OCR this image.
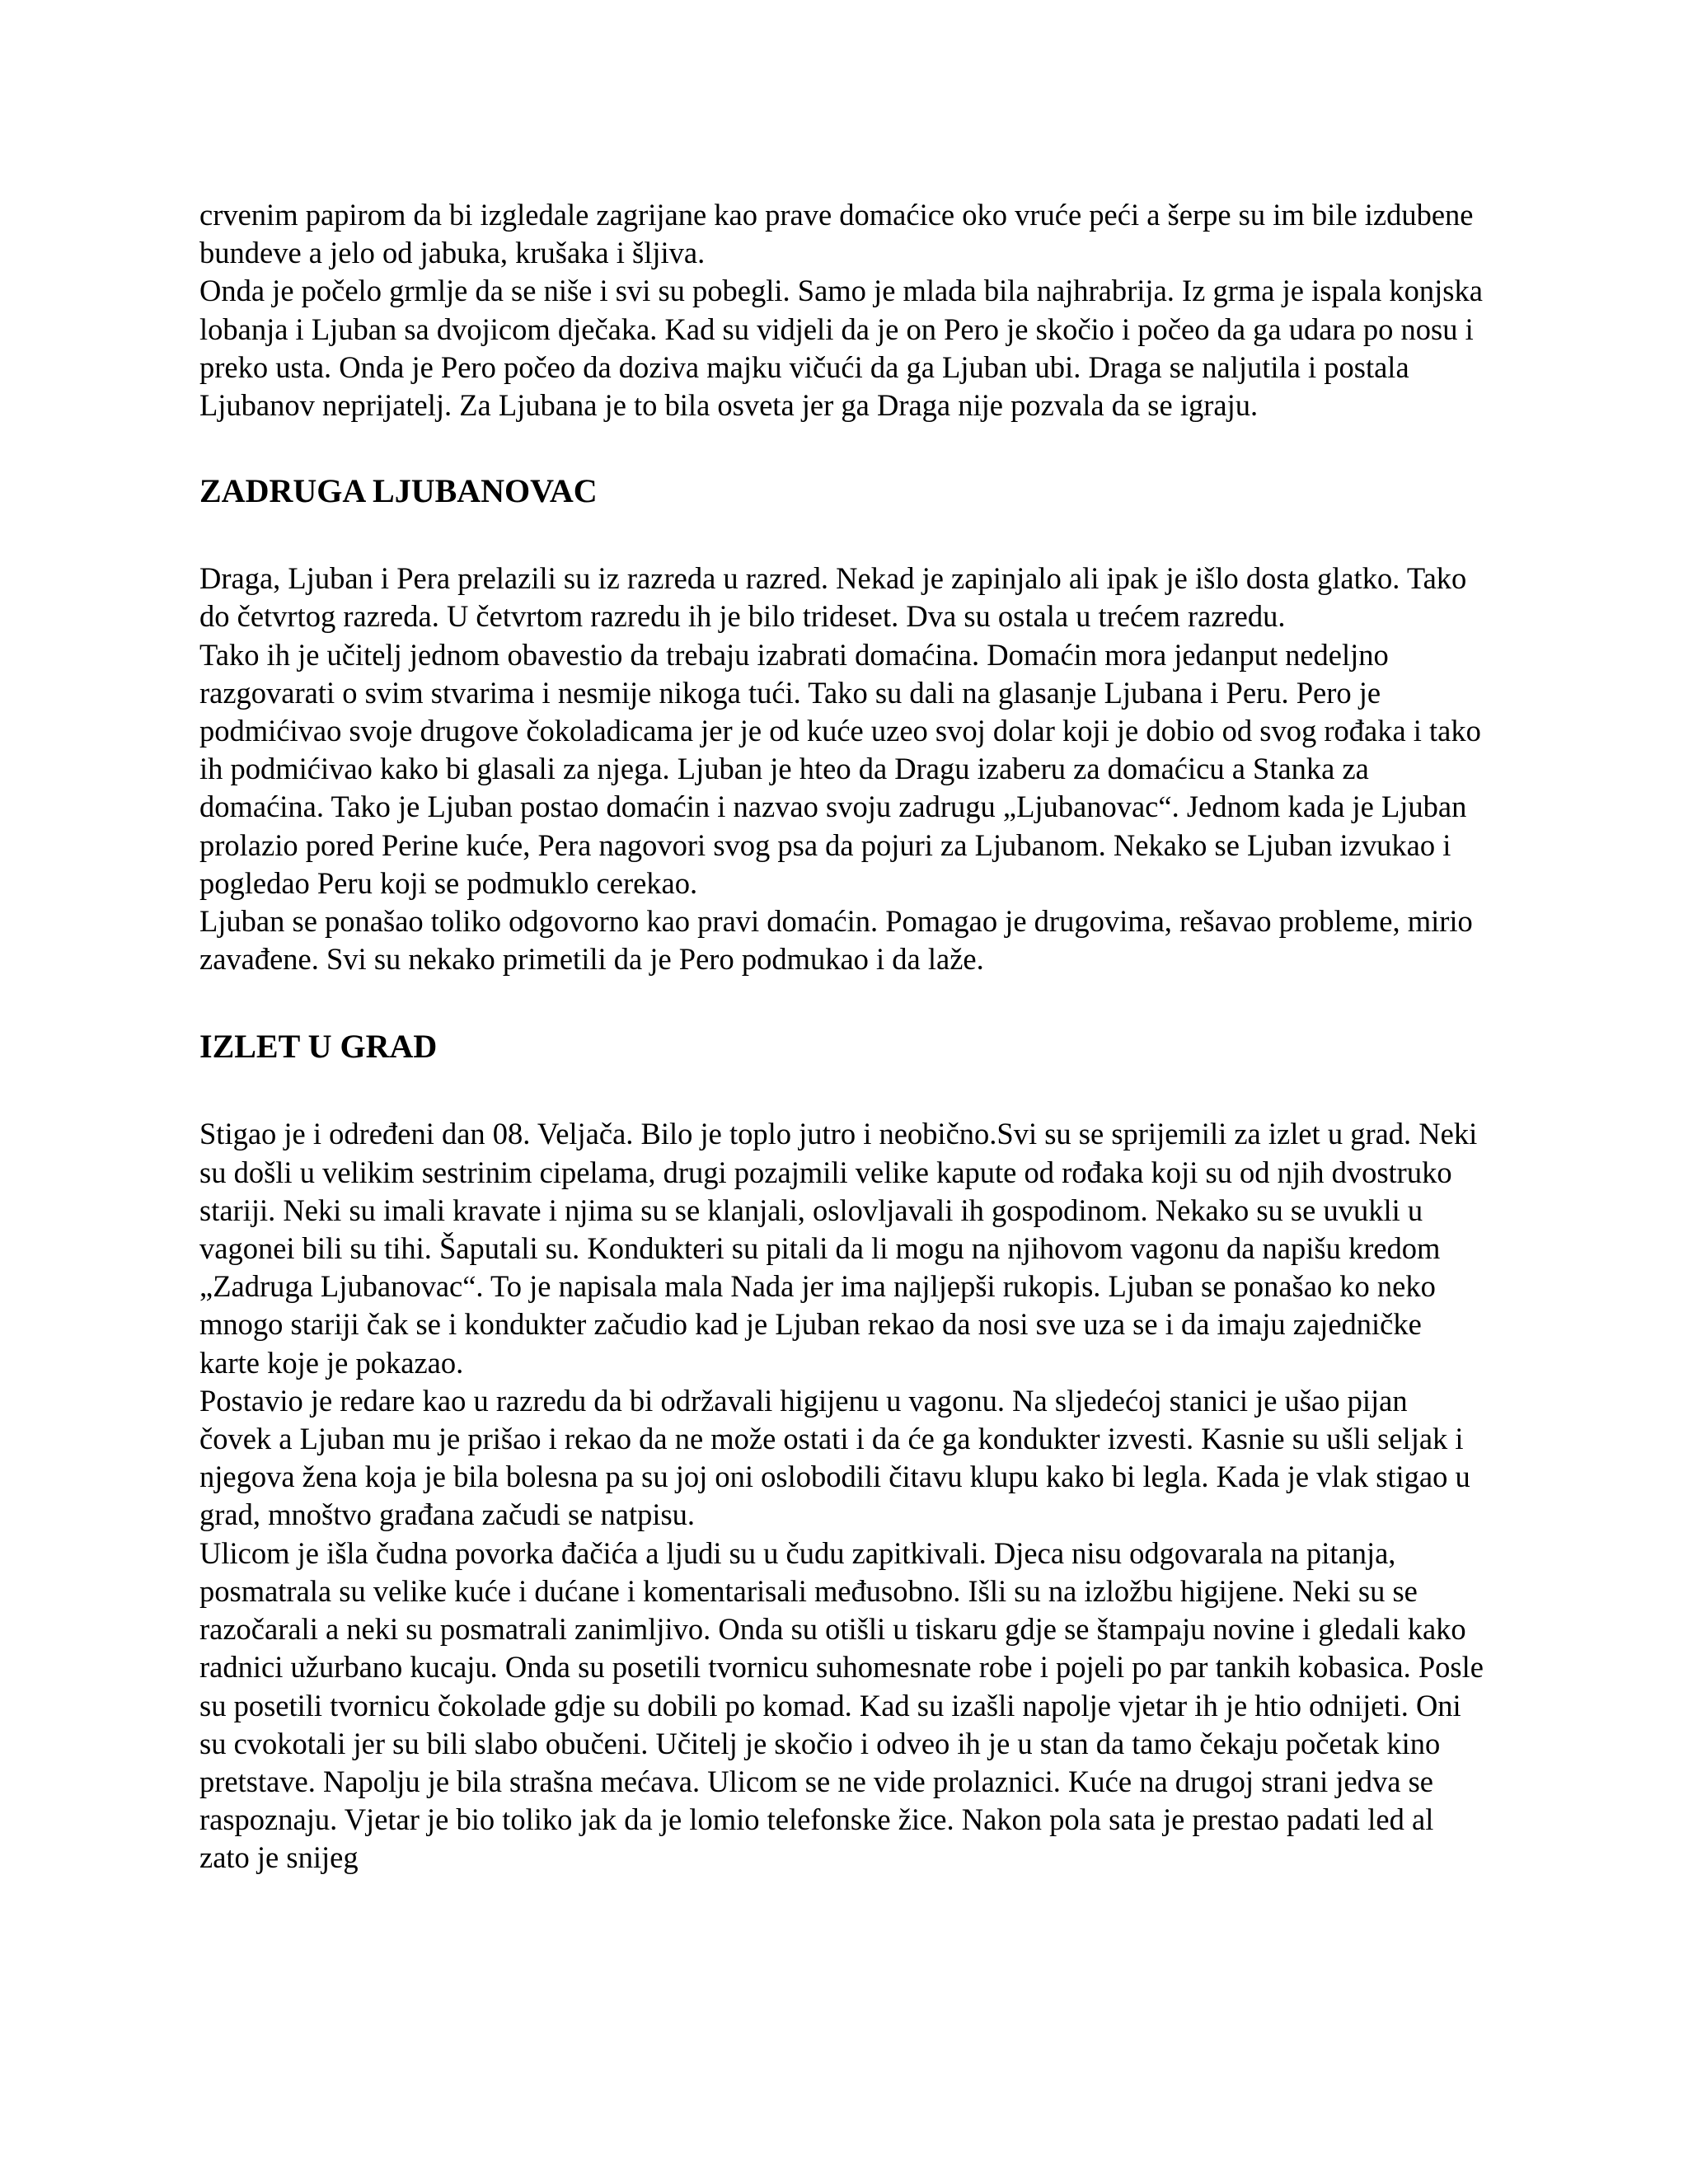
crvenim papirom da bi izgledale zagrijane kao prave domaćice oko vruće peći a šerpe su im bile izdubene bundeve a jelo od jabuka, krušaka i šljiva.

Onda je počelo grmlje da se niše i svi su pobegli. Samo je mlada bila najhrabrija. Iz grma je ispala konjska lobanja i Ljuban sa dvojicom dječaka. Kad su vidjeli da je on Pero je skočio i počeo da ga udara po nosu i preko usta. Onda je Pero počeo da doziva majku vičući da ga Ljuban ubi. Draga se naljutila i postala Ljubanov neprijatelj. Za Ljubana je to bila osveta jer ga Draga nije pozvala da se igraju.

ZADRUGA LJUBANOVAC

Draga, Ljuban i Pera prelazili su iz razreda u razred. Nekad je zapinjalo ali ipak je išlo dosta glatko. Tako do četvrtog razreda. U četvrtom razredu ih je bilo trideset. Dva su ostala u trećem razredu.

Tako ih je učitelj jednom obavestio da trebaju izabrati domaćina. Domaćin mora jedanput nedeljno razgovarati o svim stvarima i nesmije nikoga tući. Tako su dali na glasanje Ljubana i Peru. Pero je podmićivao svoje drugove čokoladicama jer je od kuće uzeo svoj dolar koji je dobio od svog rođaka i tako ih podmićivao kako bi glasali za njega. Ljuban je hteo da Dragu izaberu za domaćicu a Stanka za domaćina. Tako je Ljuban postao domaćin i nazvao svoju zadrugu „Ljubanovac“. Jednom kada je Ljuban prolazio pored Perine kuće, Pera nagovori svog psa da pojuri za Ljubanom. Nekako se Ljuban izvukao i pogledao Peru koji se podmuklo cerekao.

Ljuban se ponašao toliko odgovorno kao pravi domaćin. Pomagao je drugovima, rešavao probleme, mirio zavađene. Svi su nekako primetili da je Pero podmukao i da laže.

IZLET U GRAD

Stigao je i određeni dan 08. Veljača. Bilo je toplo jutro i neobično.Svi su se sprijemili za izlet u grad. Neki su došli u velikim sestrinim cipelama, drugi pozajmili velike kapute od rođaka koji su od njih dvostruko stariji. Neki su imali kravate i njima su se klanjali, oslovljavali ih gospodinom. Nekako su se uvukli u vagonei bili su tihi. Šaputali su. Kondukteri su pitali da li mogu na njihovom vagonu da napišu kredom „Zadruga Ljubanovac“. To je napisala mala Nada jer ima najljepši rukopis. Ljuban se ponašao ko neko mnogo stariji čak se i kondukter začudio kad je Ljuban rekao da nosi sve uza se i da imaju zajedničke karte koje je pokazao.

Postavio je redare kao u razredu da bi održavali higijenu u vagonu. Na sljedećoj stanici je ušao pijan čovek a Ljuban mu je prišao i rekao da ne može ostati i da će ga kondukter izvesti. Kasnie su ušli seljak i njegova žena koja je bila bolesna pa su joj oni oslobodili čitavu klupu kako bi legla. Kada je vlak stigao u grad, mnoštvo građana začudi se natpisu.

Ulicom je išla čudna povorka đačića a ljudi su u čudu zapitkivali. Djeca nisu odgovarala na pitanja, posmatrala su velike kuće i dućane i komentarisali međusobno. Išli su na izložbu higijene. Neki su se razočarali a neki su posmatrali zanimljivo. Onda su otišli u tiskaru gdje se štampaju novine i gledali kako radnici užurbano kucaju. Onda su posetili tvornicu suhomesnate robe i pojeli po par tankih kobasica. Posle su posetili tvornicu čokolade gdje su dobili po komad. Kad su izašli napolje vjetar ih je htio odnijeti. Oni su cvokotali jer su bili slabo obučeni. Učitelj je skočio i odveo ih je u stan da tamo čekaju početak kino pretstave. Napolju je bila strašna mećava. Ulicom se ne vide prolaznici. Kuće na drugoj strani jedva se raspoznaju. Vjetar je bio toliko jak da je lomio telefonske žice. Nakon pola sata je prestao padati led al zato je snijeg
